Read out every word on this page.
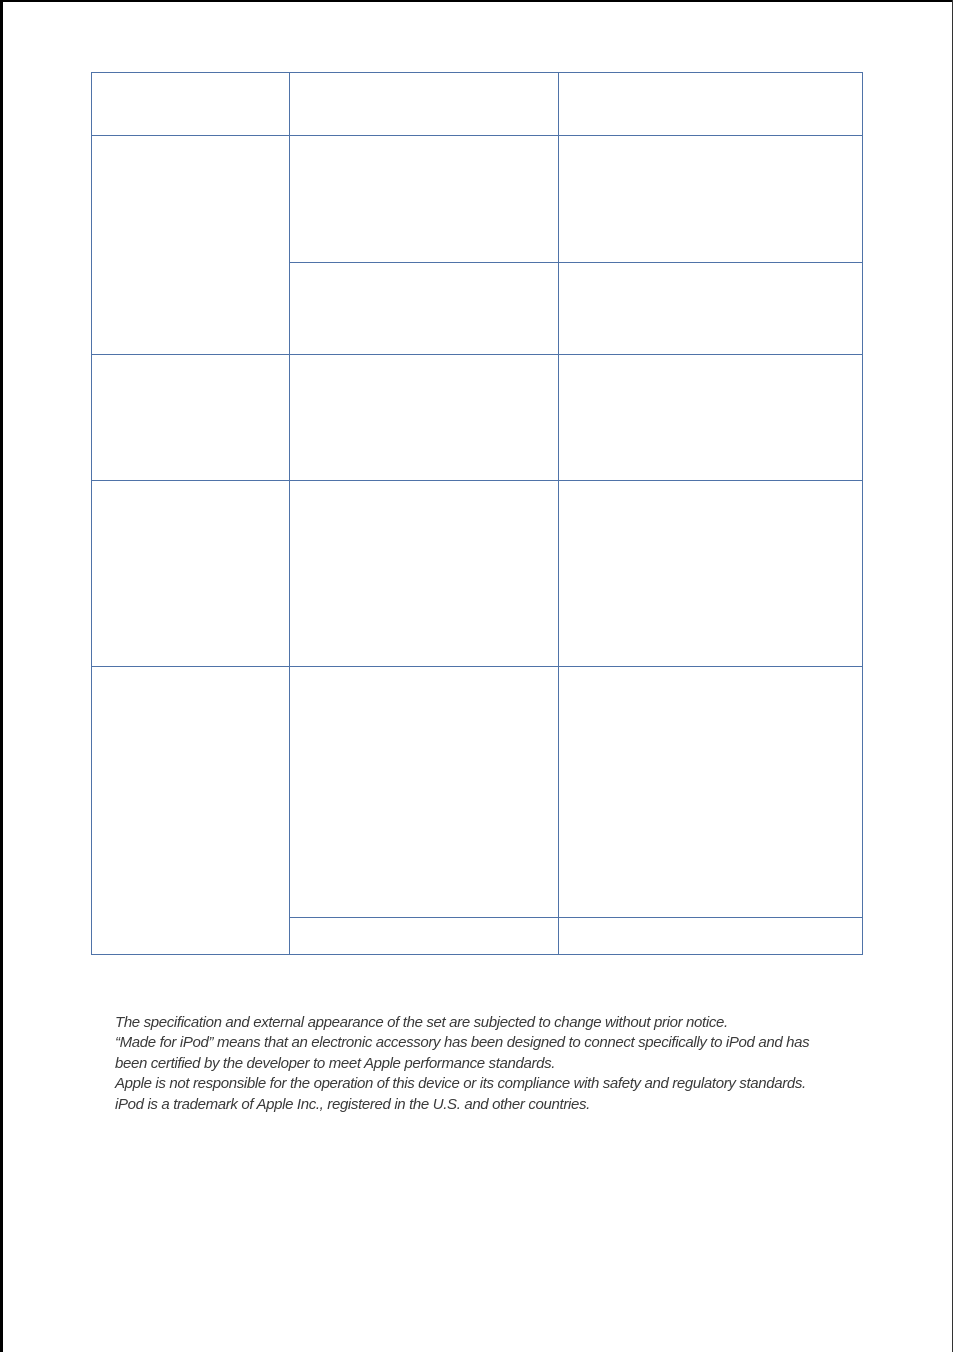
The specification and external appearance of the set are subjected to change without prior notice.

“Made for iPod” means that an electronic accessory has been designed to connect specifically to iPod and has been certified by the developer to meet Apple performance standards.

Apple is not responsible for the operation of this device or its compliance with safety and regulatory standards.

iPod is a trademark of Apple Inc., registered in the U.S. and other countries.
